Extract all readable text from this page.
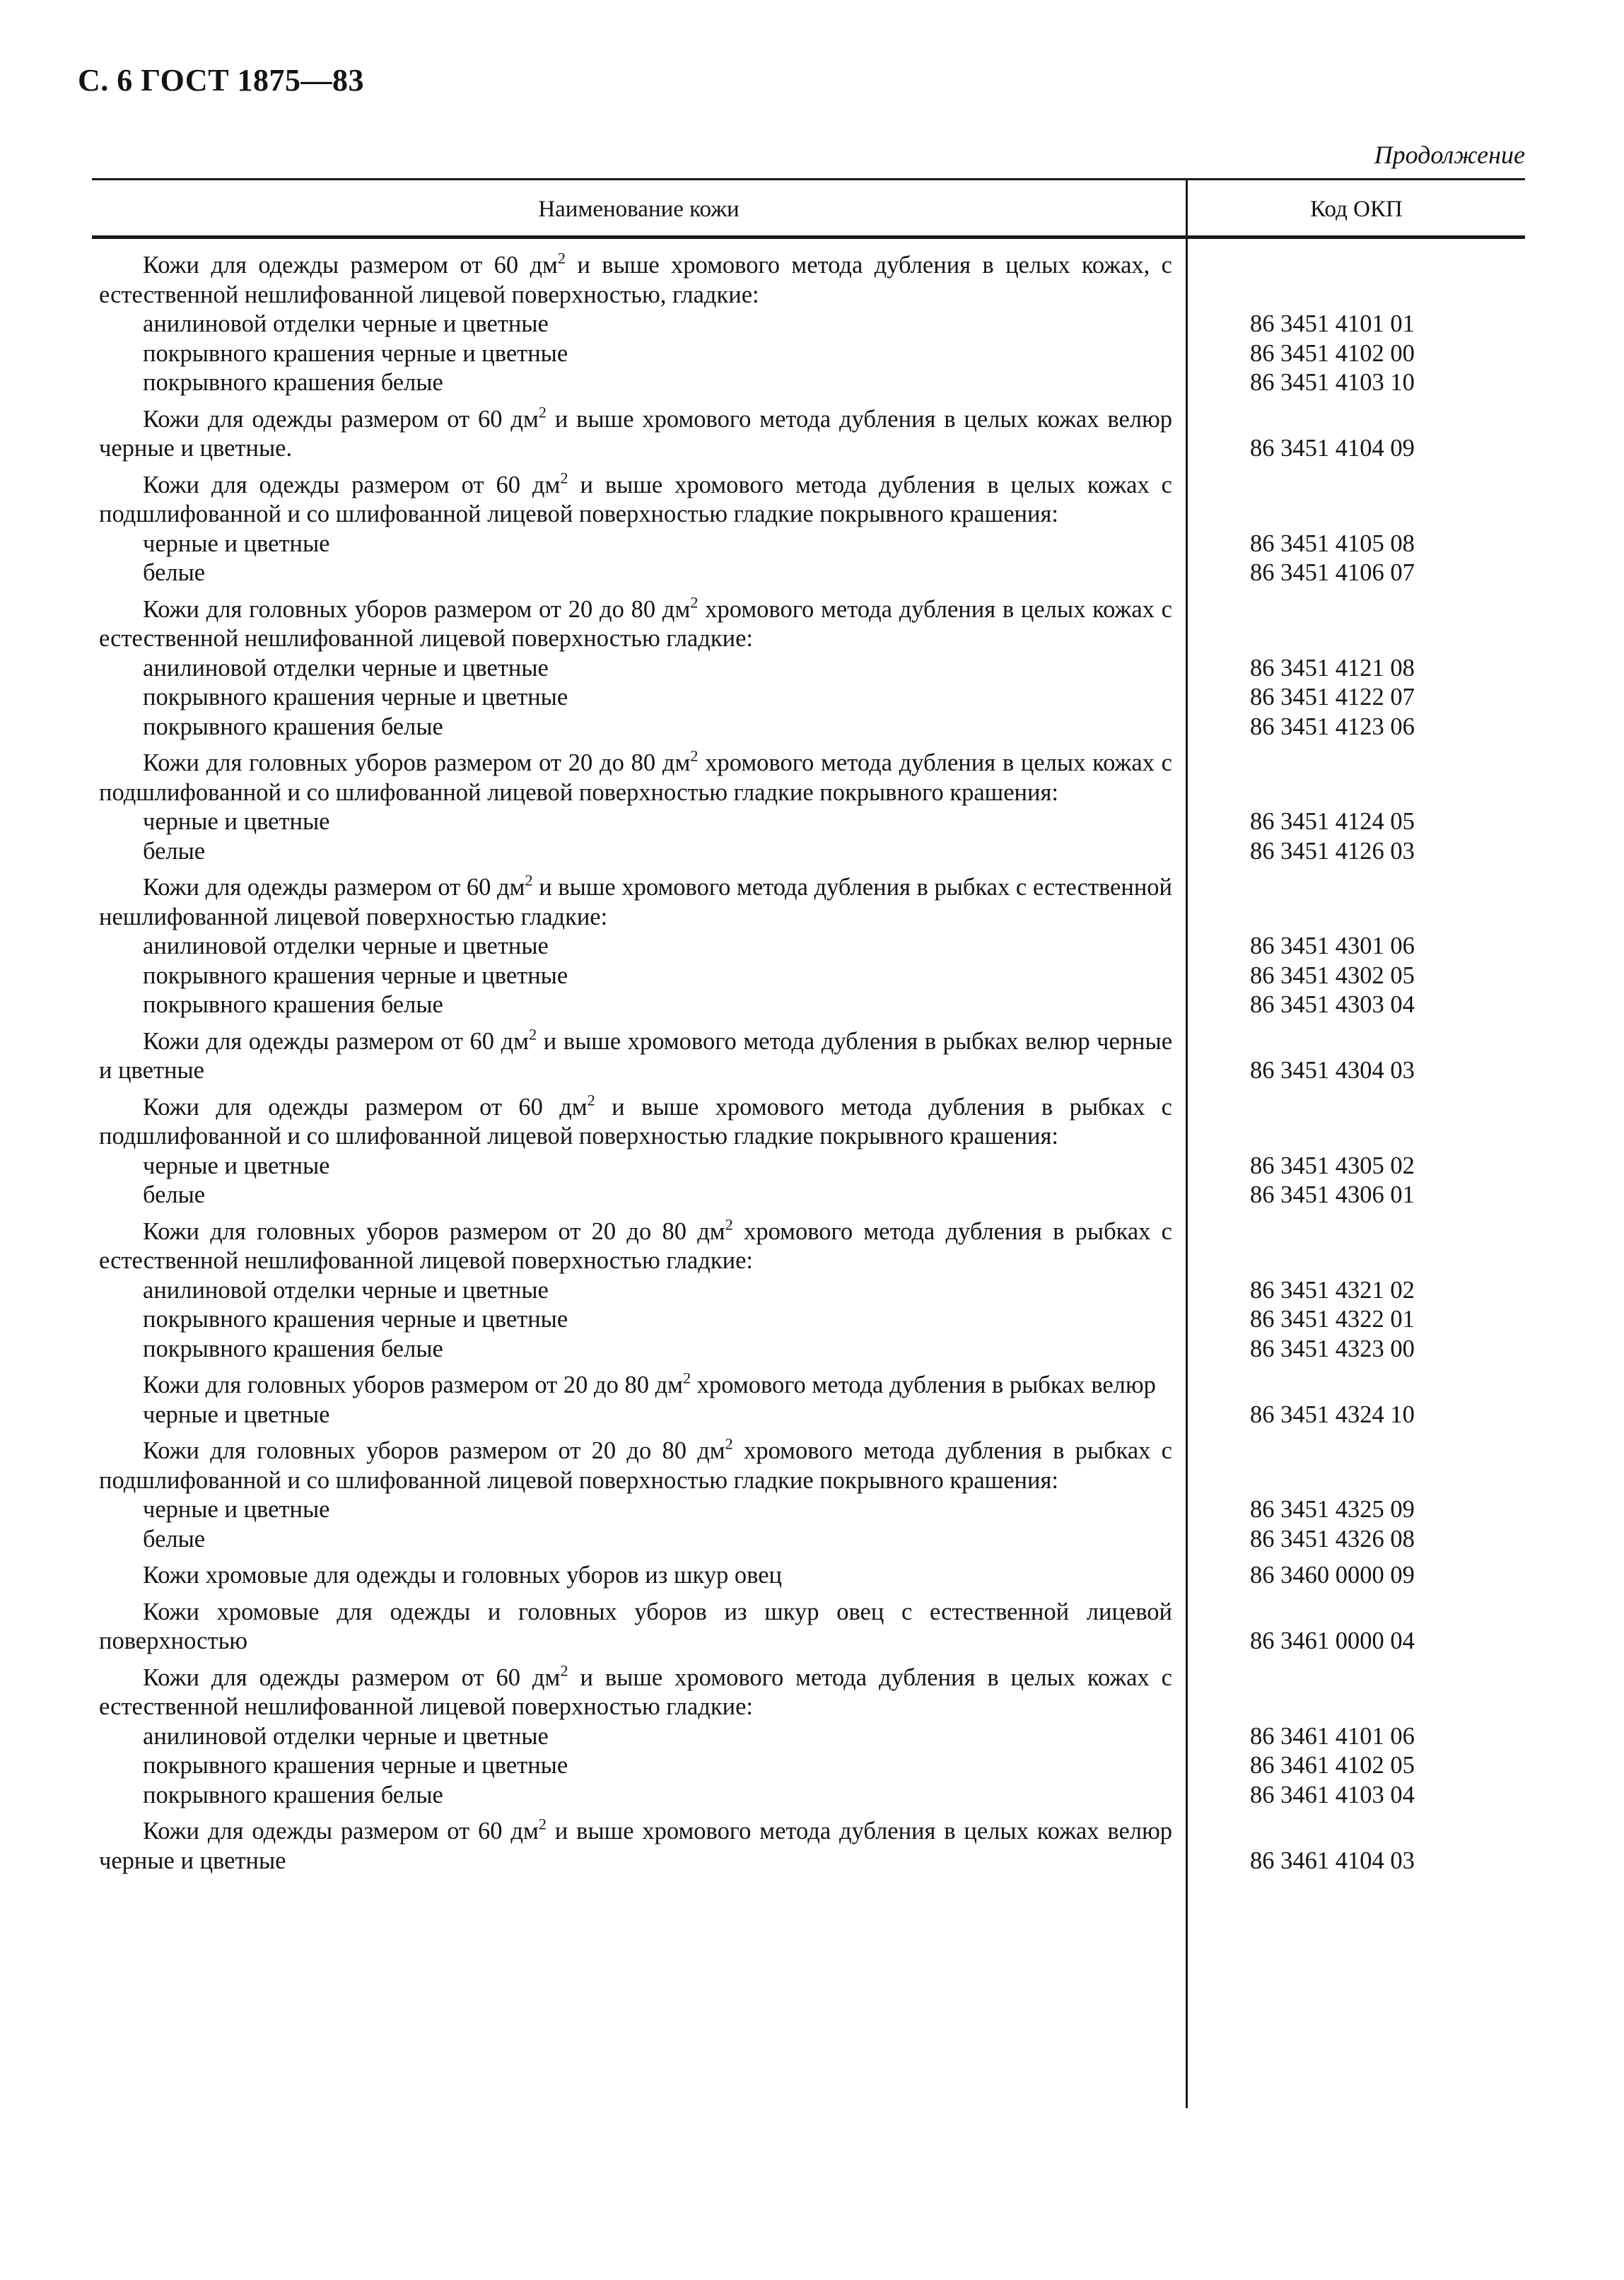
С. 6 ГОСТ 1875—83
Продолжение
Наименование кожи	Код ОКП
Кожи для одежды размером от 60 $дм^2$ и выше хромового метода дубления в целых кожах, с естественной нешлифованной лицевой поверхностью, гладкие:
анилиновой отделки черные и цветные	86 3451 4101 01
покрывного крашения черные и цветные	86 3451 4102 00
покрывного крашения белые	86 3451 4103 10
Кожи для одежды размером от 60 $дм^2$ и выше хромового метода дубления в целых кожах велюр черные и цветные.	86 3451 4104 09
Кожи для одежды размером от 60 $дм^2$ и выше хромового метода дубления в целых кожах с подшлифованной и со шлифованной лицевой поверхностью гладкие покрывного крашения:
черные и цветные	86 3451 4105 08
белые	86 3451 4106 07
Кожи для головных уборов размером от 20 до 80 $дм^2$ хромового метода дубления в целых кожах с естественной нешлифованной лицевой поверхностью гладкие:
анилиновой отделки черные и цветные	86 3451 4121 08
покрывного крашения черные и цветные	86 3451 4122 07
покрывного крашения белые	86 3451 4123 06
Кожи для головных уборов размером от 20 до 80 $дм^2$ хромового метода дубления в целых кожах с подшлифованной и со шлифованной лицевой поверхностью гладкие покрывного крашения:
черные и цветные	86 3451 4124 05
белые	86 3451 4126 03
Кожи для одежды размером от 60 $дм^2$ и выше хромового метода дубления в рыбках с естественной нешлифованной лицевой поверхностью гладкие:
анилиновой отделки черные и цветные	86 3451 4301 06
покрывного крашения черные и цветные	86 3451 4302 05
покрывного крашения белые	86 3451 4303 04
Кожи для одежды размером от 60 $дм^2$ и выше хромового метода дубления в рыбках велюр черные и цветные	86 3451 4304 03
Кожи для одежды размером от 60 $дм^2$ и выше хромового метода дубления в рыбках с подшлифованной и со шлифованной лицевой поверхностью гладкие покрывного крашения:
черные и цветные	86 3451 4305 02
белые	86 3451 4306 01
Кожи для головных уборов размером от 20 до 80 $дм^2$ хромового метода дубления в рыбках с естественной нешлифованной лицевой поверхностью гладкие:
анилиновой отделки черные и цветные	86 3451 4321 02
покрывного крашения черные и цветные	86 3451 4322 01
покрывного крашения белые	86 3451 4323 00
Кожи для головных уборов размером от 20 до 80 $дм^2$ хромового метода дубления в рыбках велюр
черные и цветные	86 3451 4324 10
Кожи для головных уборов размером от 20 до 80 $дм^2$ хромового метода дубления в рыбках с подшлифованной и со шлифованной лицевой поверхностью гладкие покрывного крашения:
черные и цветные	86 3451 4325 09
белые	86 3451 4326 08
Кожи хромовые для одежды и головных уборов из шкур овец	86 3460 0000 09
Кожи хромовые для одежды и головных уборов из шкур овец с естественной лицевой поверхностью	86 3461 0000 04
Кожи для одежды размером от 60 $дм^2$ и выше хромового метода дубления в целых кожах с естественной нешлифованной лицевой поверхностью гладкие:
анилиновой отделки черные и цветные	86 3461 4101 06
покрывного крашения черные и цветные	86 3461 4102 05
покрывного крашения белые	86 3461 4103 04
Кожи для одежды размером от 60 $дм^2$ и выше хромового метода дубления в целых кожах велюр черные и цветные	86 3461 4104 03
